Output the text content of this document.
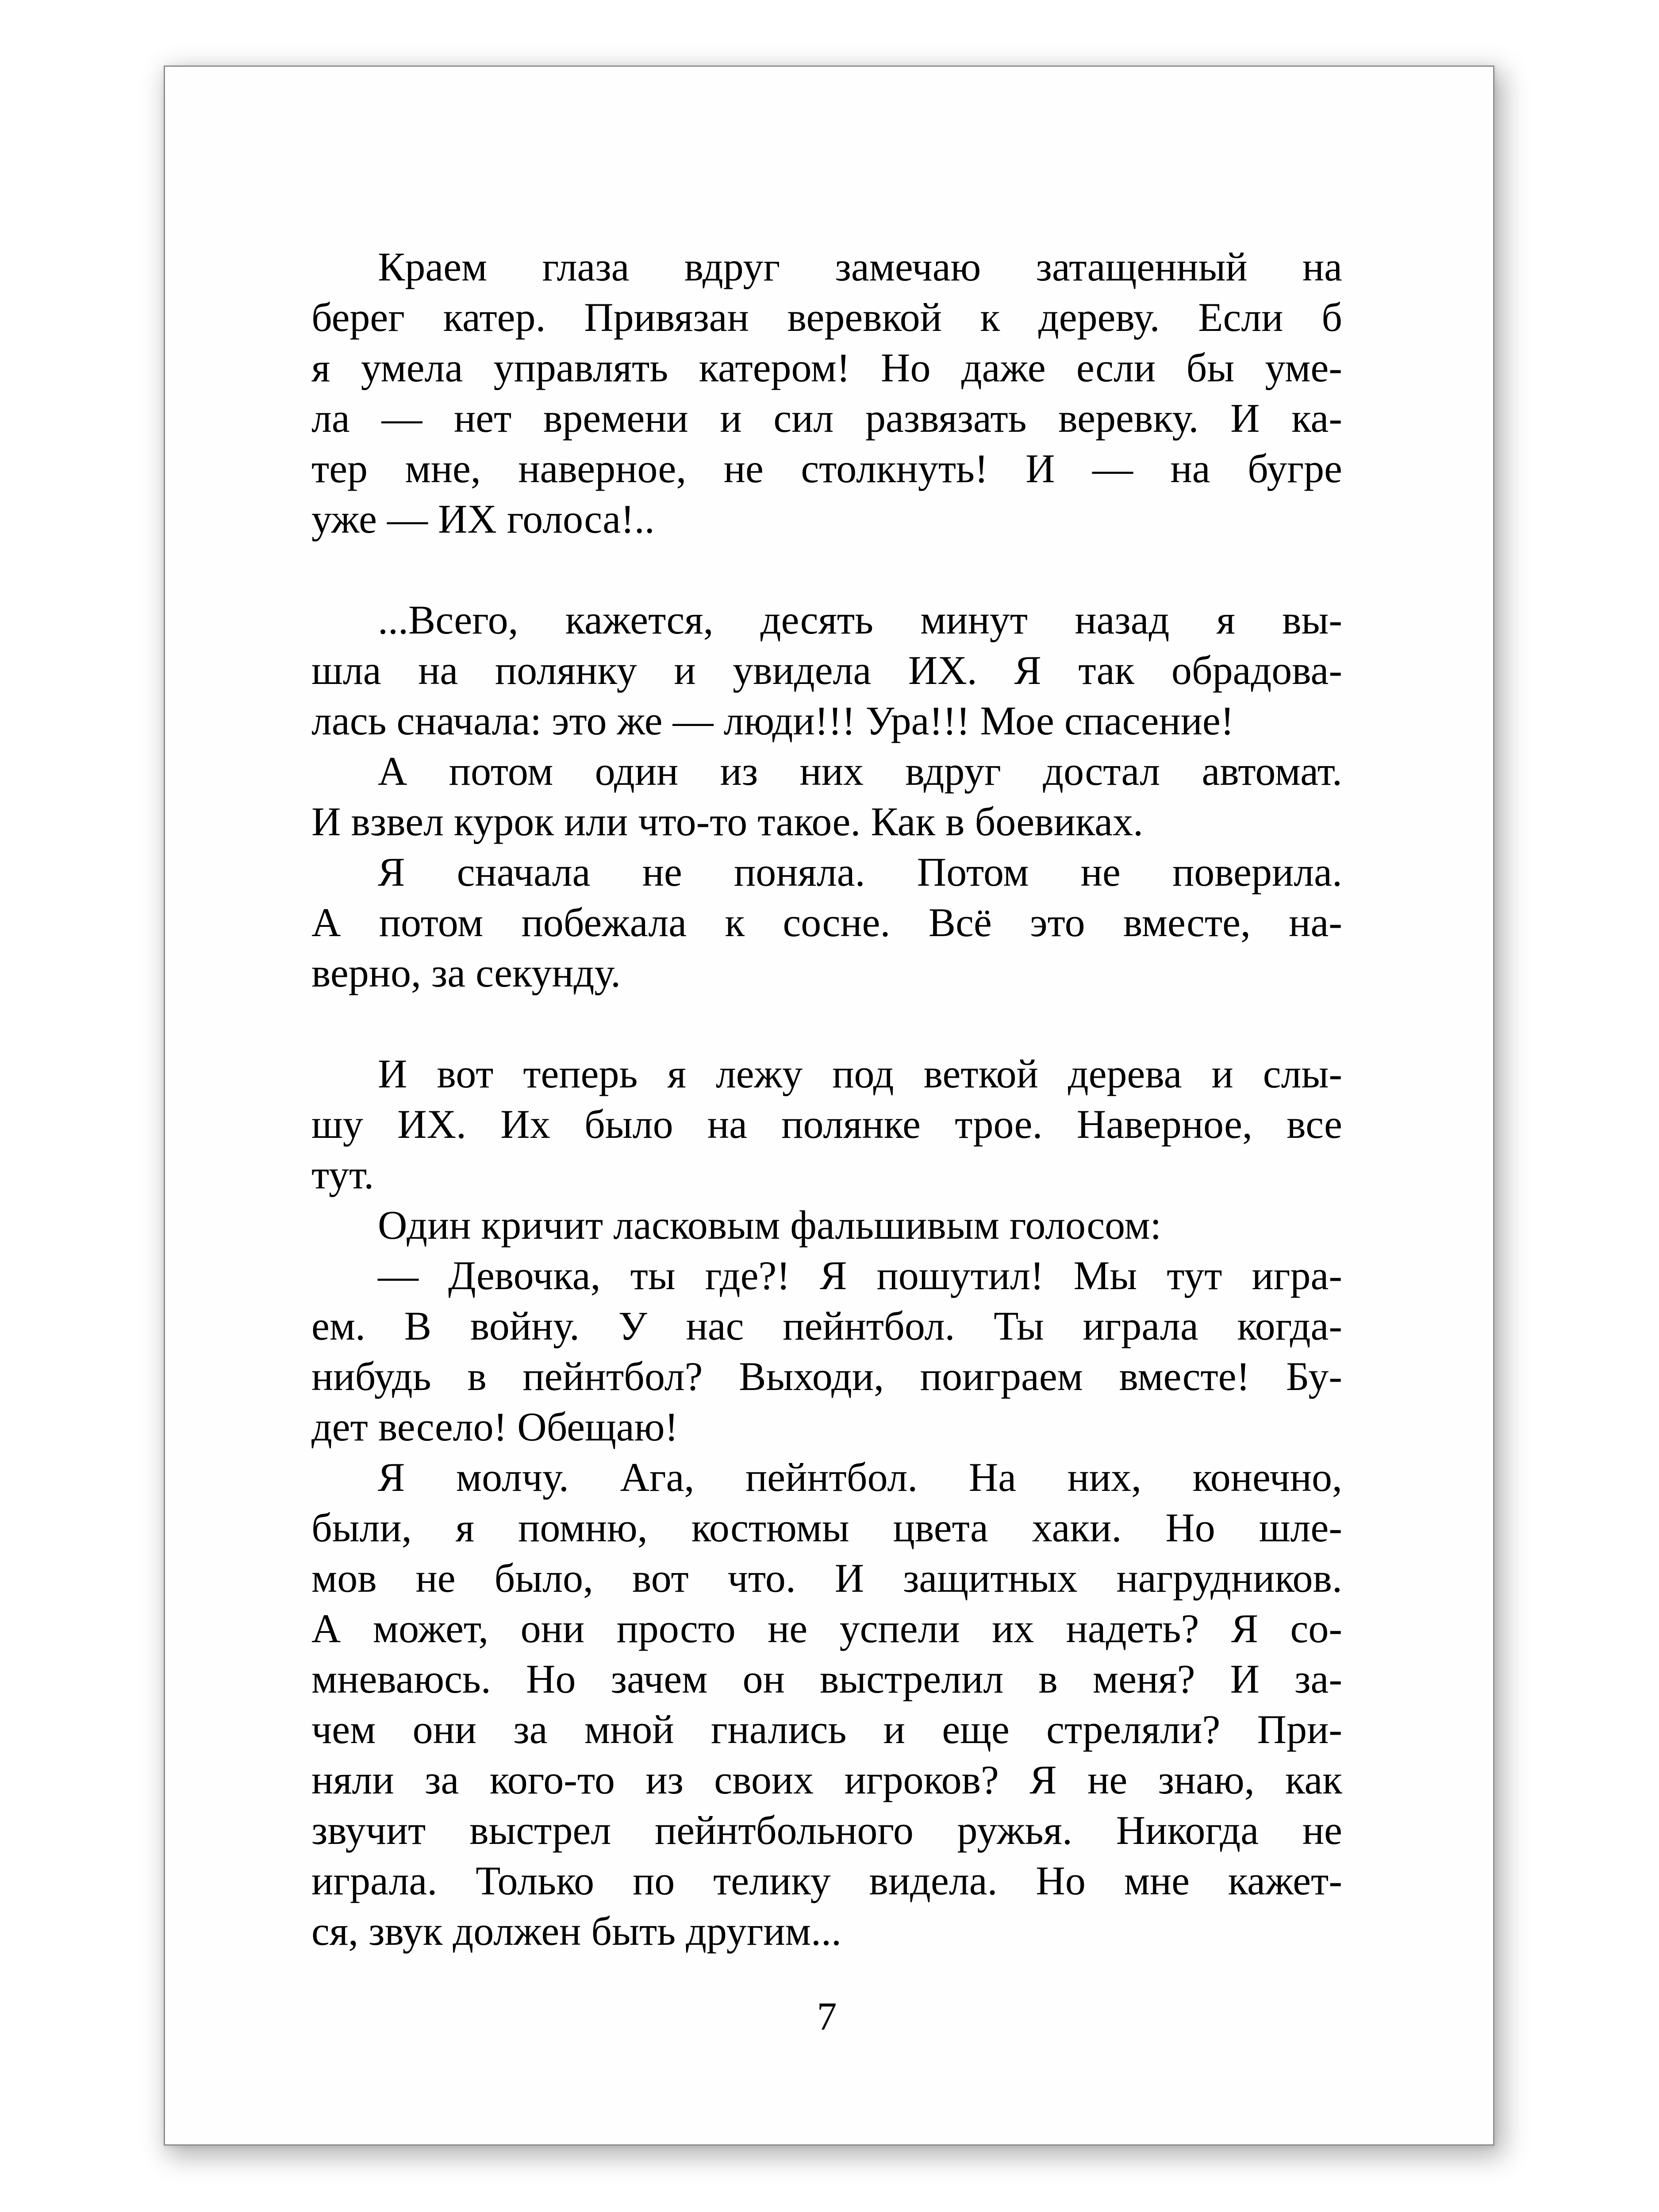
Краем глаза вдруг замечаю затащенный на
берег катер. Привязан веревкой к дереву. Если б
я умела управлять катером! Но даже если бы уме-
ла — нет времени и сил развязать веревку. И ка-
тер мне, наверное, не столкнуть! И — на бугре
уже — ИХ голоса!..
...Всего, кажется, десять минут назад я вы-
шла на полянку и увидела ИХ. Я так обрадова-
лась сначала: это же — люди!!! Ура!!! Мое спасение!
А потом один из них вдруг достал автомат.
И взвел курок или что-то такое. Как в боевиках.
Я сначала не поняла. Потом не поверила.
А потом побежала к сосне. Всё это вместе, на-
верно, за секунду.
И вот теперь я лежу под веткой дерева и слы-
шу ИХ. Их было на полянке трое. Наверное, все
тут.
Один кричит ласковым фальшивым голосом:
— Девочка, ты где?! Я пошутил! Мы тут игра-
ем. В войну. У нас пейнтбол. Ты играла когда-
нибудь в пейнтбол? Выходи, поиграем вместе! Бу-
дет весело! Обещаю!
Я молчу. Ага, пейнтбол. На них, конечно,
были, я помню, костюмы цвета хаки. Но шле-
мов не было, вот что. И защитных нагрудников.
А может, они просто не успели их надеть? Я со-
мневаюсь. Но зачем он выстрелил в меня? И за-
чем они за мной гнались и еще стреляли? При-
няли за кого-то из своих игроков? Я не знаю, как
звучит выстрел пейнтбольного ружья. Никогда не
играла. Только по телику видела. Но мне кажет-
ся, звук должен быть другим...
7
